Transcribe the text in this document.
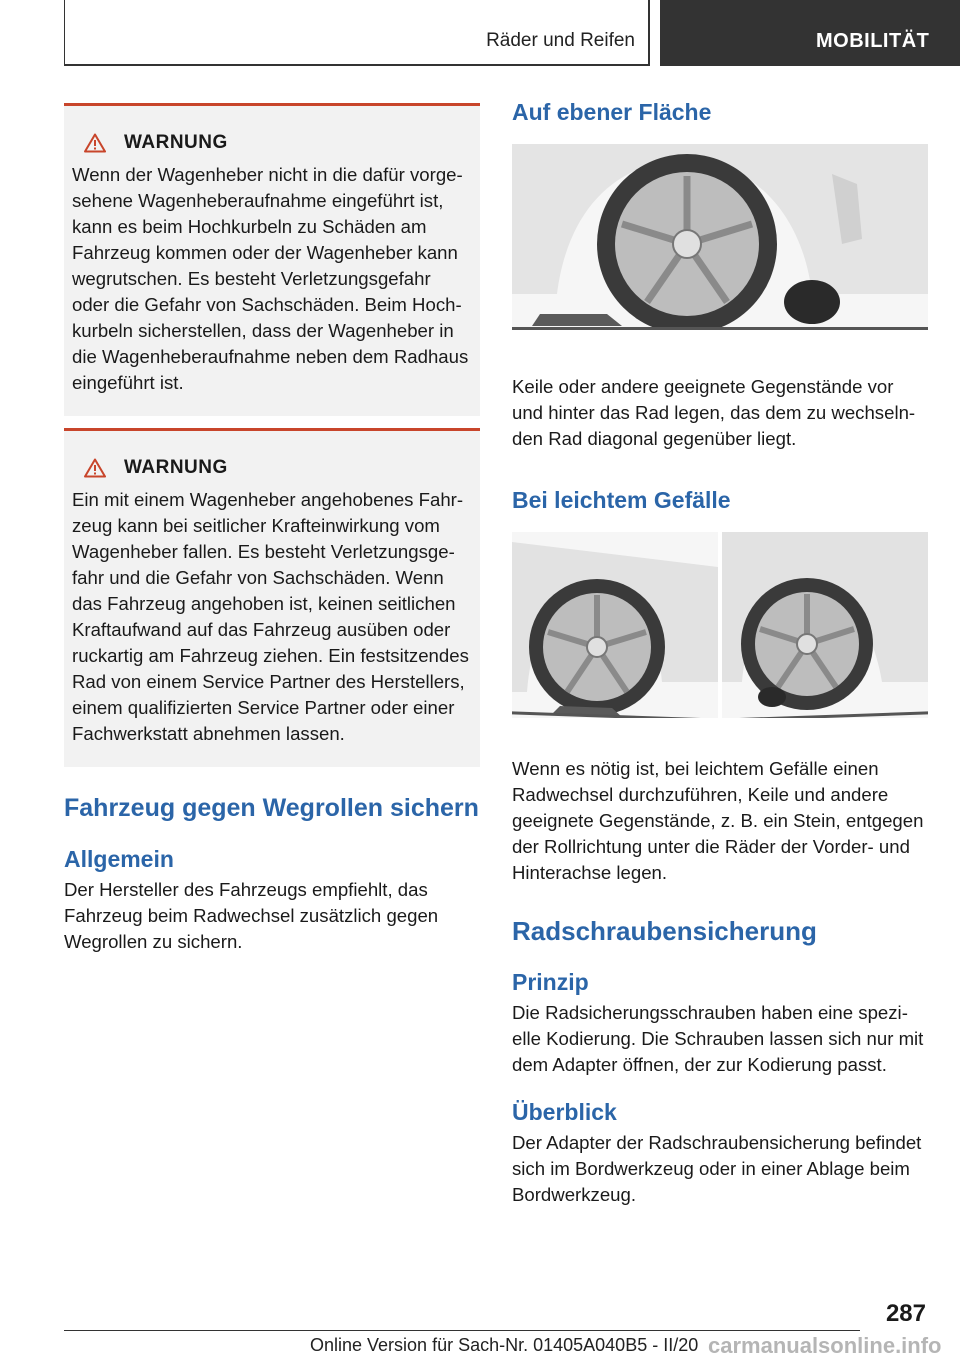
Räder und Reifen	MOBILITÄT
WARNUNG

Wenn der Wagenheber nicht in die dafür vorgesehene Wagenheberaufnahme eingeführt ist, kann es beim Hochkurbeln zu Schäden am Fahrzeug kommen oder der Wagenheber kann wegrutschen. Es besteht Verletzungsgefahr oder die Gefahr von Sachschäden. Beim Hochkurbeln sicherstellen, dass der Wagenheber in die Wagenheberaufnahme neben dem Radhaus eingeführt ist.

WARNUNG

Ein mit einem Wagenheber angehobenes Fahrzeug kann bei seitlicher Krafteinwirkung vom Wagenheber fallen. Es besteht Verletzungsgefahr und die Gefahr von Sachschäden. Wenn das Fahrzeug angehoben ist, keinen seitlichen Kraftaufwand auf das Fahrzeug ausüben oder ruckartig am Fahrzeug ziehen. Ein festsitzendes Rad von einem Service Partner des Herstellers, einem qualifizierten Service Partner oder einer Fachwerkstatt abnehmen lassen.

Fahrzeug gegen Wegrollen sichern
Allgemein

Der Hersteller des Fahrzeugs empfiehlt, das Fahrzeug beim Radwechsel zusätzlich gegen Wegrollen zu sichern.

Auf ebener Fläche

Keile oder andere geeignete Gegenstände vor und hinter das Rad legen, das dem zu wechselnden Rad diagonal gegenüber liegt.

Bei leichtem Gefälle

Wenn es nötig ist, bei leichtem Gefälle einen Radwechsel durchzuführen, Keile und andere geeignete Gegenstände, z. B. ein Stein, entgegen der Rollrichtung unter die Räder der Vorder- und Hinterachse legen.

Radschraubensicherung
Prinzip

Die Radsicherungsschrauben haben eine spezielle Kodierung. Die Schrauben lassen sich nur mit dem Adapter öffnen, der zur Kodierung passt.

Überblick

Der Adapter der Radschraubensicherung befindet sich im Bordwerkzeug oder in einer Ablage beim Bordwerkzeug.

287
Online Version für Sach-Nr. 01405A040B5 - II/20 carmanualsonline.info
